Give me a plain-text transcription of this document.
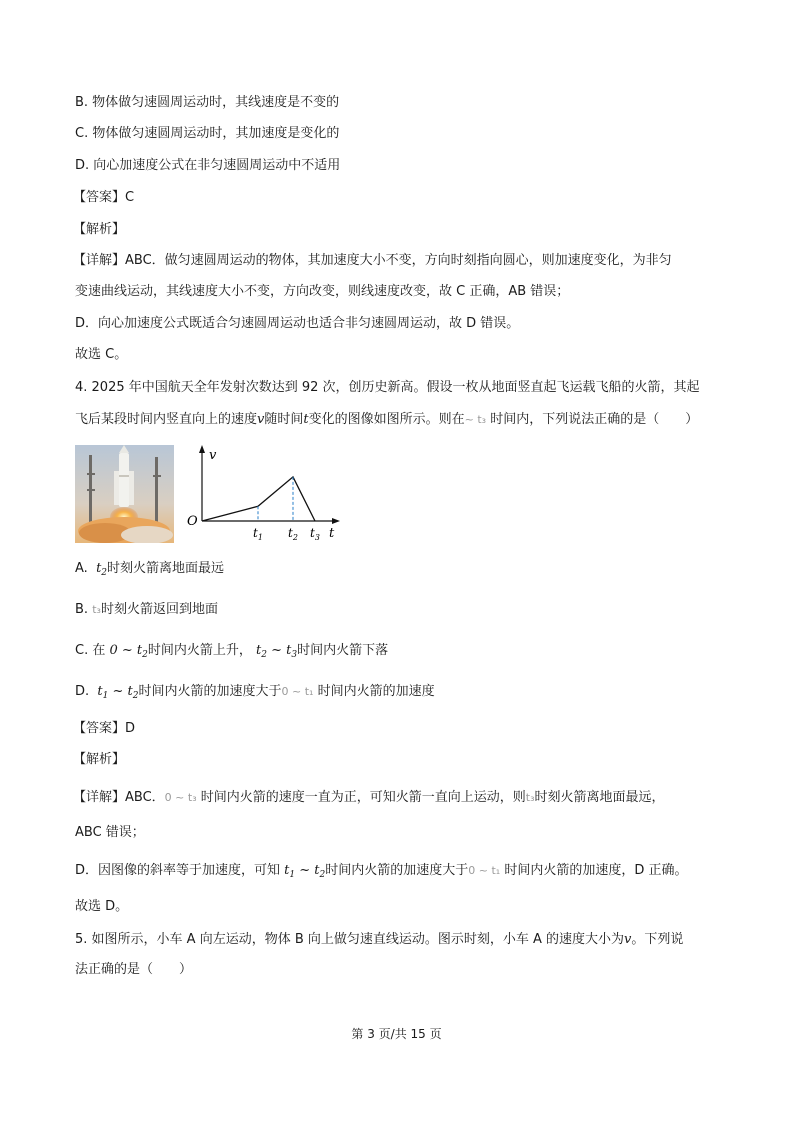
B. 物体做匀速圆周运动时，其线速度是不变的
C. 物体做匀速圆周运动时，其加速度是变化的
D. 向心加速度公式在非匀速圆周运动中不适用
【答案】C
【解析】
【详解】ABC．做匀速圆周运动的物体，其加速度大小不变，方向时刻指向圆心，则加速度变化，为非匀
变速曲线运动，其线速度大小不变，方向改变，则线速度改变，故 C 正确，AB 错误；
D．向心加速度公式既适合匀速圆周运动也适合非匀速圆周运动，故 D 错误。
故选 C。
4. 2025 年中国航天全年发射次数达到 92 次，创历史新高。假设一枚从地面竖直起飞运载飞船的火箭，其起
飞后某段时间内竖直向上的速度v随时间t变化的图像如图所示。则在~ t₃ 时间内，下列说法正确的是（　　）
v
t
O
$t_1$ $t_2$ $t_3$
A. $t_2$时刻火箭离地面最远
B. t₃时刻火箭返回到地面
C. 在 0 ~ $t_2$时间内火箭上升， $t_2$ ~ $t_3$时间内火箭下落
D. $t_1$ ~ $t_2$时间内火箭的加速度大于0 ~ t₁ 时间内火箭的加速度
【答案】D
【解析】
【详解】ABC．0 ~ t₃ 时间内火箭的速度一直为正，可知火箭一直向上运动，则t₃时刻火箭离地面最远，
ABC 错误；
D．因图像的斜率等于加速度，可知 $t_1$ ~ $t_2$时间内火箭的加速度大于0 ~ t₁ 时间内火箭的加速度，D 正确。
故选 D。
5. 如图所示，小车 A 向左运动，物体 B 向上做匀速直线运动。图示时刻，小车 A 的速度大小为v。下列说
法正确的是（　　）
第 3 页/共 15 页
